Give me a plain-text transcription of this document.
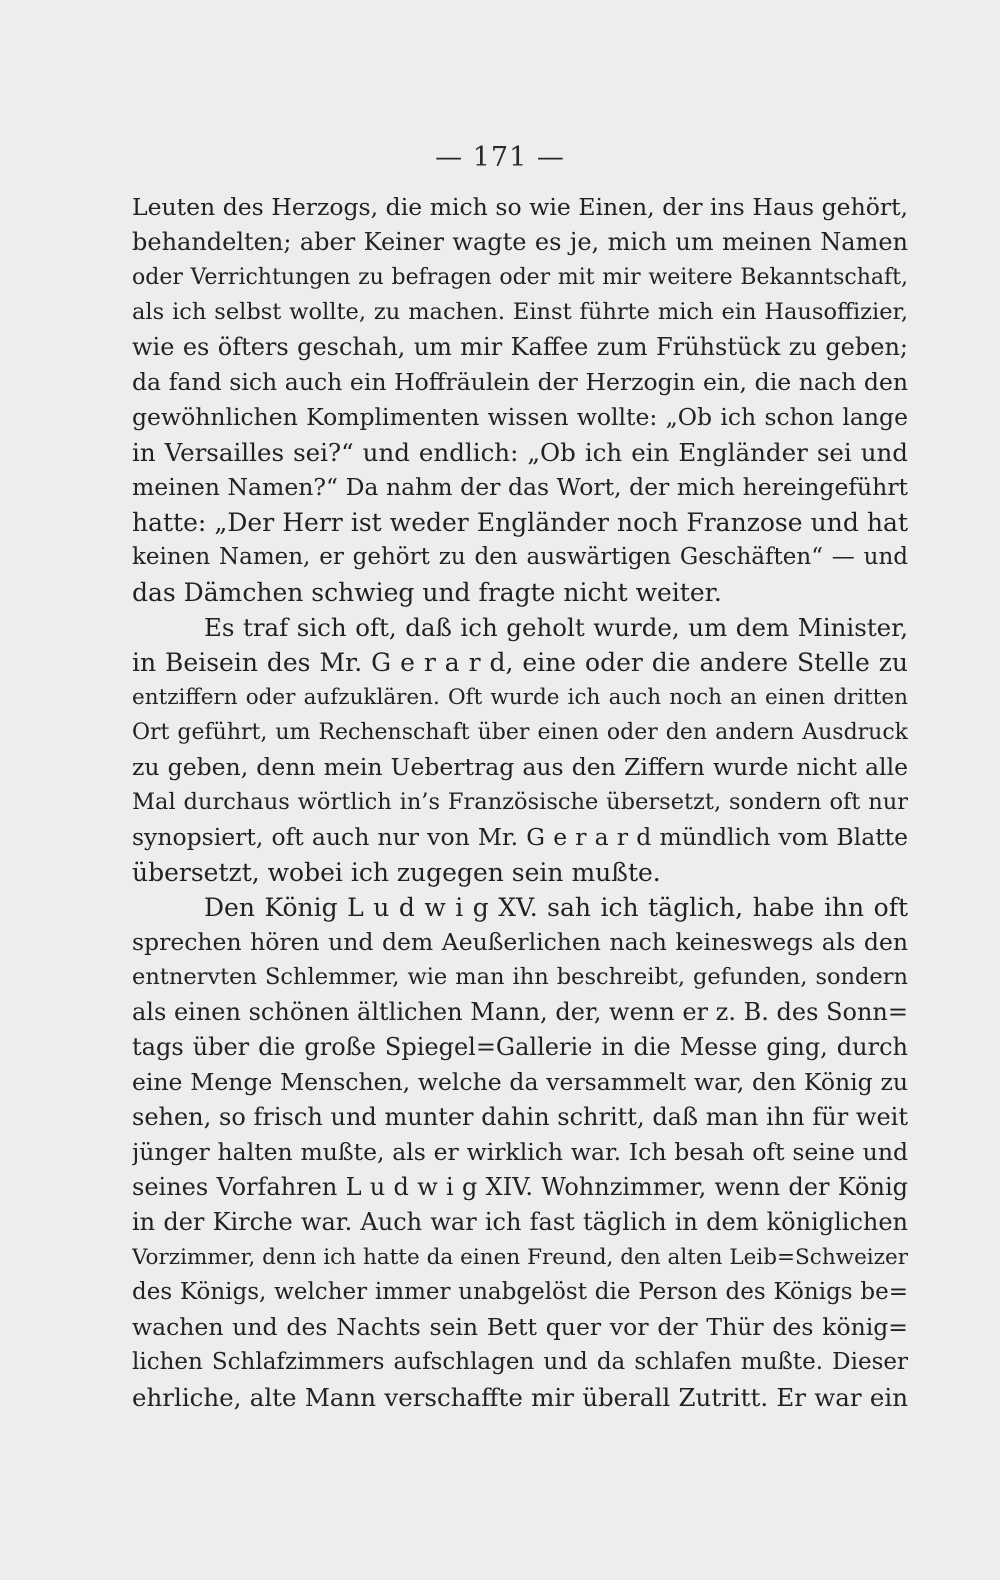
— 171 —
Leuten des Herzogs, die mich so wie Einen, der ins Haus gehört,
behandelten; aber Keiner wagte es je, mich um meinen Namen
oder Verrichtungen zu befragen oder mit mir weitere Bekanntschaft,
als ich selbst wollte, zu machen. Einst führte mich ein Hausoffizier,
wie es öfters geschah, um mir Kaffee zum Frühstück zu geben;
da fand sich auch ein Hoffräulein der Herzogin ein, die nach den
gewöhnlichen Komplimenten wissen wollte: „Ob ich schon lange
in Versailles sei?“ und endlich: „Ob ich ein Engländer sei und
meinen Namen?“ Da nahm der das Wort, der mich hereingeführt
hatte: „Der Herr ist weder Engländer noch Franzose und hat
keinen Namen, er gehört zu den auswärtigen Geschäften“ — und
das Dämchen schwieg und fragte nicht weiter.
Es traf sich oft, daß ich geholt wurde, um dem Minister,
in Beisein des Mr. G e r a r d, eine oder die andere Stelle zu
entziffern oder aufzuklären. Oft wurde ich auch noch an einen dritten
Ort geführt, um Rechenschaft über einen oder den andern Ausdruck
zu geben, denn mein Uebertrag aus den Ziffern wurde nicht alle
Mal durchaus wörtlich in’s Französische übersetzt, sondern oft nur
synopsiert, oft auch nur von Mr. G e r a r d mündlich vom Blatte
übersetzt, wobei ich zugegen sein mußte.
Den König L u d w i g XV. sah ich täglich, habe ihn oft
sprechen hören und dem Aeußerlichen nach keineswegs als den
entnervten Schlemmer, wie man ihn beschreibt, gefunden, sondern
als einen schönen ältlichen Mann, der, wenn er z. B. des Sonn=
tags über die große Spiegel=Gallerie in die Messe ging, durch
eine Menge Menschen, welche da versammelt war, den König zu
sehen, so frisch und munter dahin schritt, daß man ihn für weit
jünger halten mußte, als er wirklich war. Ich besah oft seine und
seines Vorfahren L u d w i g XIV. Wohnzimmer, wenn der König
in der Kirche war. Auch war ich fast täglich in dem königlichen
Vorzimmer, denn ich hatte da einen Freund, den alten Leib=Schweizer
des Königs, welcher immer unabgelöst die Person des Königs be=
wachen und des Nachts sein Bett quer vor der Thür des könig=
lichen Schlafzimmers aufschlagen und da schlafen mußte. Dieser
ehrliche, alte Mann verschaffte mir überall Zutritt. Er war ein
